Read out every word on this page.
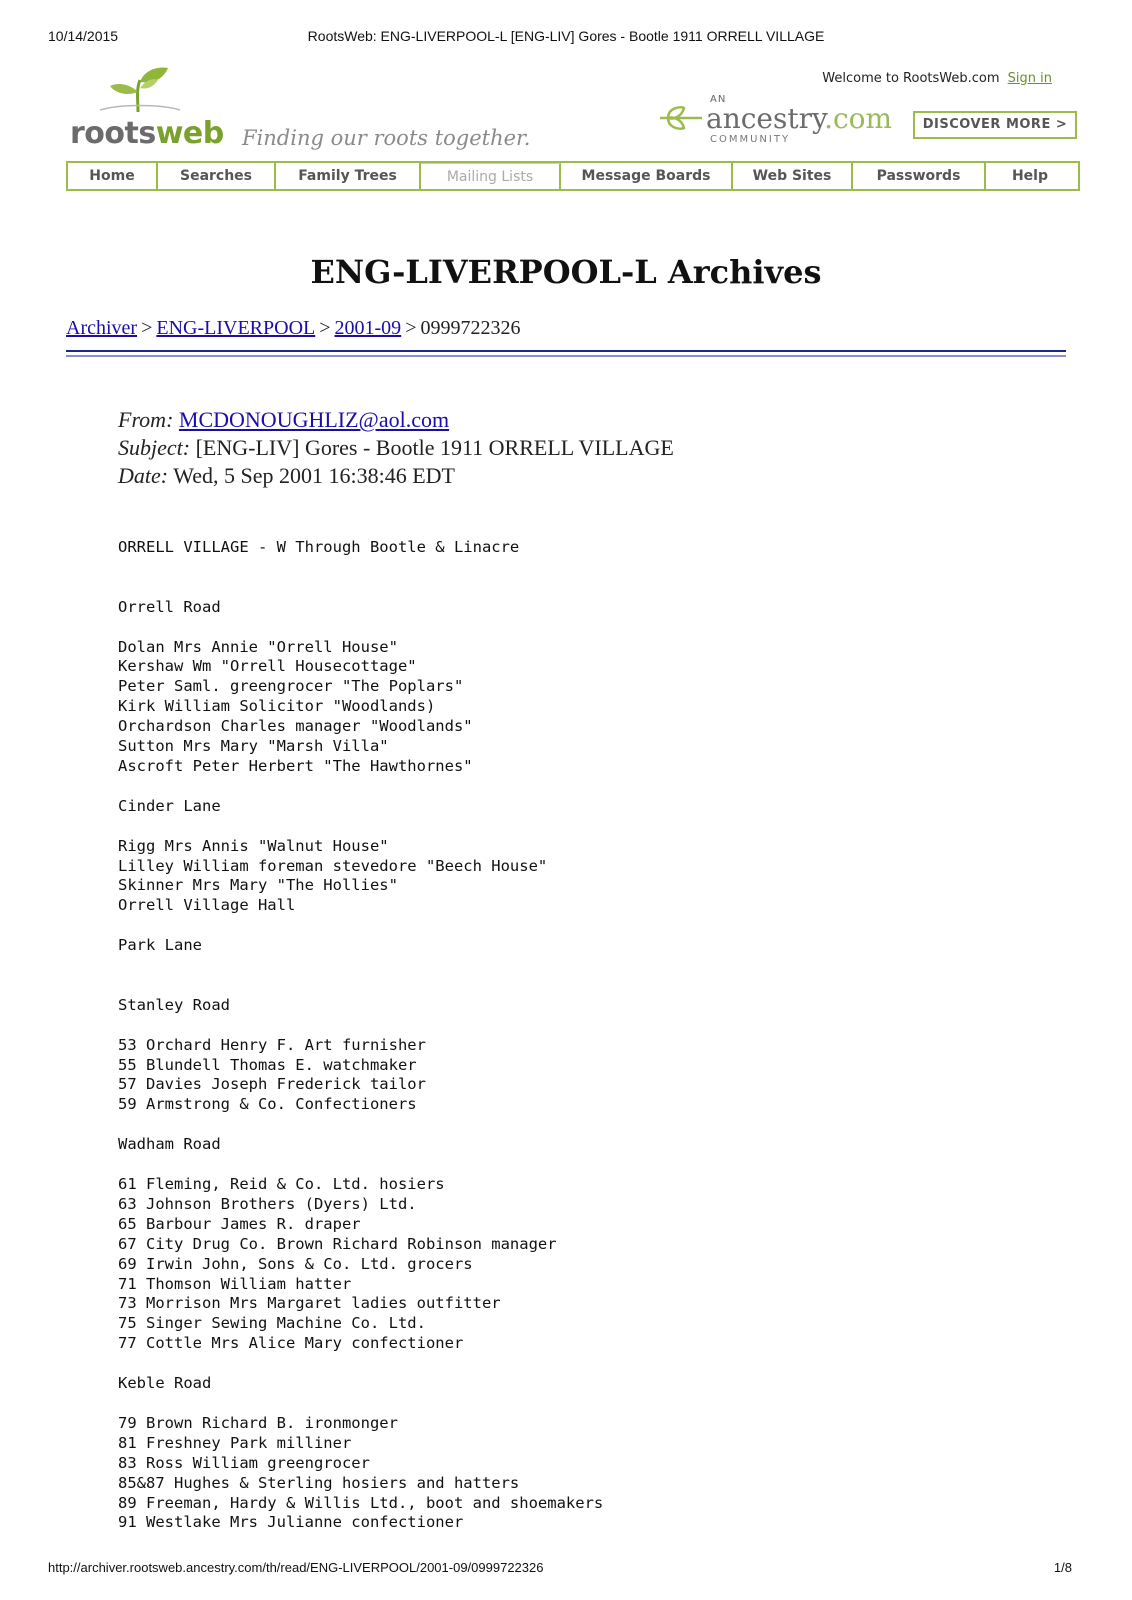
10/14/2015	RootsWeb: ENG-LIVERPOOL-L [ENG-LIV] Gores - Bootle 1911 ORRELL VILLAGE
rootsweb Finding our roots together.
Welcome to RootsWeb.com Sign in
AN
ancestry.com
COMMUNITY
DISCOVER MORE >
Home	Searches	Family Trees	Mailing Lists	Message Boards	Web Sites	Passwords	Help
ENG-LIVERPOOL-L Archives
Archiver > ENG-LIVERPOOL > 2001-09 > 0999722326
From: MCDONOUGHLIZ@aol.com
Subject: [ENG-LIV] Gores - Bootle 1911 ORRELL VILLAGE
Date: Wed, 5 Sep 2001 16:38:46 EDT
ORRELL VILLAGE - W Through Bootle & Linacre

Orrell Road

Dolan Mrs Annie "Orrell House"
Kershaw Wm "Orrell Housecottage"
Peter Saml. greengrocer "The Poplars"
Kirk William Solicitor "Woodlands)
Orchardson Charles manager "Woodlands"
Sutton Mrs Mary "Marsh Villa"
Ascroft Peter Herbert "The Hawthornes"

Cinder Lane

Rigg Mrs Annis "Walnut House"
Lilley William foreman stevedore "Beech House"
Skinner Mrs Mary "The Hollies"
Orrell Village Hall

Park Lane

Stanley Road

53 Orchard Henry F. Art furnisher
55 Blundell Thomas E. watchmaker
57 Davies Joseph Frederick tailor
59 Armstrong & Co. Confectioners

Wadham Road

61 Fleming, Reid & Co. Ltd. hosiers
63 Johnson Brothers (Dyers) Ltd.
65 Barbour James R. draper
67 City Drug Co. Brown Richard Robinson manager
69 Irwin John, Sons & Co. Ltd. grocers
71 Thomson William hatter
73 Morrison Mrs Margaret ladies outfitter
75 Singer Sewing Machine Co. Ltd.
77 Cottle Mrs Alice Mary confectioner

Keble Road

79 Brown Richard B. ironmonger
81 Freshney Park milliner
83 Ross William greengrocer
85&87 Hughes & Sterling hosiers and hatters
89 Freeman, Hardy & Willis Ltd., boot and shoemakers
91 Westlake Mrs Julianne confectioner
http://archiver.rootsweb.ancestry.com/th/read/ENG-LIVERPOOL/2001-09/0999722326	1/8
